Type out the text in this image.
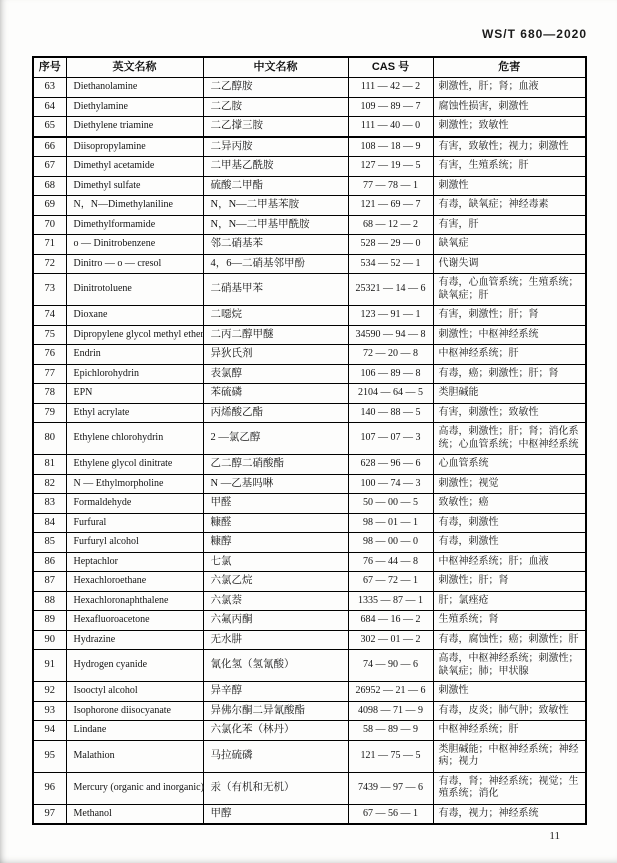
WS/T 680—2020
序号	英文名称	中文名称	CAS 号	危害
63	Diethanolamine	二乙醇胺	111 — 42 — 2	刺激性，肝；肾；血液
64	Diethylamine	二乙胺	109 — 89 — 7	腐蚀性损害，刺激性
65	Diethylene triamine	二乙撑三胺	111 — 40 — 0	刺激性；致敏性
66	Diisopropylamine	二异丙胺	108 — 18 — 9	有害，致敏性；视力；刺激性
67	Dimethyl acetamide	二甲基乙酰胺	127 — 19 — 5	有害，生殖系统；肝
68	Dimethyl sulfate	硫酸二甲酯	77 — 78 — 1	刺激性
69	N，N—Dimethylaniline	N，N—二甲基苯胺	121 — 69 — 7	有毒，缺氧症；神经毒素
70	Dimethylformamide	N，N—二甲基甲酰胺	68 — 12 — 2	有害，肝
71	o — Dinitrobenzene	邻二硝基苯	528 — 29 — 0	缺氧症
72	Dinitro — o — cresol	4，6—二硝基邻甲酚	534 — 52 — 1	代谢失调
73	Dinitrotoluene	二硝基甲苯	25321 — 14 — 6	有毒，心血管系统；生殖系统；缺氧症；肝
74	Dioxane	二噁烷	123 — 91 — 1	有害，刺激性；肝；肾
75	Dipropylene glycol methyl ether	二丙二醇甲醚	34590 — 94 — 8	刺激性；中枢神经系统
76	Endrin	异狄氏剂	72 — 20 — 8	中枢神经系统；肝
77	Epichlorohydrin	表氯醇	106 — 89 — 8	有毒，癌；刺激性；肝；肾
78	EPN	苯硫磷	2104 — 64 — 5	类胆碱能
79	Ethyl acrylate	丙烯酸乙酯	140 — 88 — 5	有害，刺激性；致敏性
80	Ethylene chlorohydrin	2 —氯乙醇	107 — 07 — 3	高毒，刺激性；肝；肾；消化系统；心血管系统；中枢神经系统
81	Ethylene glycol dinitrate	乙二醇二硝酸酯	628 — 96 — 6	心血管系统
82	N — Ethylmorpholine	N —乙基吗啉	100 — 74 — 3	刺激性；视觉
83	Formaldehyde	甲醛	50 — 00 — 5	致敏性；癌
84	Furfural	糠醛	98 — 01 — 1	有毒，刺激性
85	Furfuryl alcohol	糠醇	98 — 00 — 0	有毒，刺激性
86	Heptachlor	七氯	76 — 44 — 8	中枢神经系统；肝；血液
87	Hexachloroethane	六氯乙烷	67 — 72 — 1	刺激性；肝；肾
88	Hexachloronaphthalene	六氯萘	1335 — 87 — 1	肝；氯痤疮
89	Hexafluoroacetone	六氟丙酮	684 — 16 — 2	生殖系统；肾
90	Hydrazine	无水肼	302 — 01 — 2	有毒，腐蚀性；癌；刺激性；肝
91	Hydrogen cyanide	氰化氢（氢氰酸）	74 — 90 — 6	高毒，中枢神经系统；刺激性；缺氧症；肺；甲状腺
92	Isooctyl alcohol	异辛醇	26952 — 21 — 6	刺激性
93	Isophorone diisocyanate	异佛尔酮二异氰酸酯	4098 — 71 — 9	有毒，皮炎；肺气肿；致敏性
94	Lindane	六氯化苯（林丹）	58 — 89 — 9	中枢神经系统；肝
95	Malathion	马拉硫磷	121 — 75 — 5	类胆碱能；中枢神经系统；神经病；视力
96	Mercury (organic and inorganic)	汞（有机和无机）	7439 — 97 — 6	有毒，肾；神经系统；视觉；生殖系统；消化
97	Methanol	甲醇	67 — 56 — 1	有毒，视力；神经系统
11
